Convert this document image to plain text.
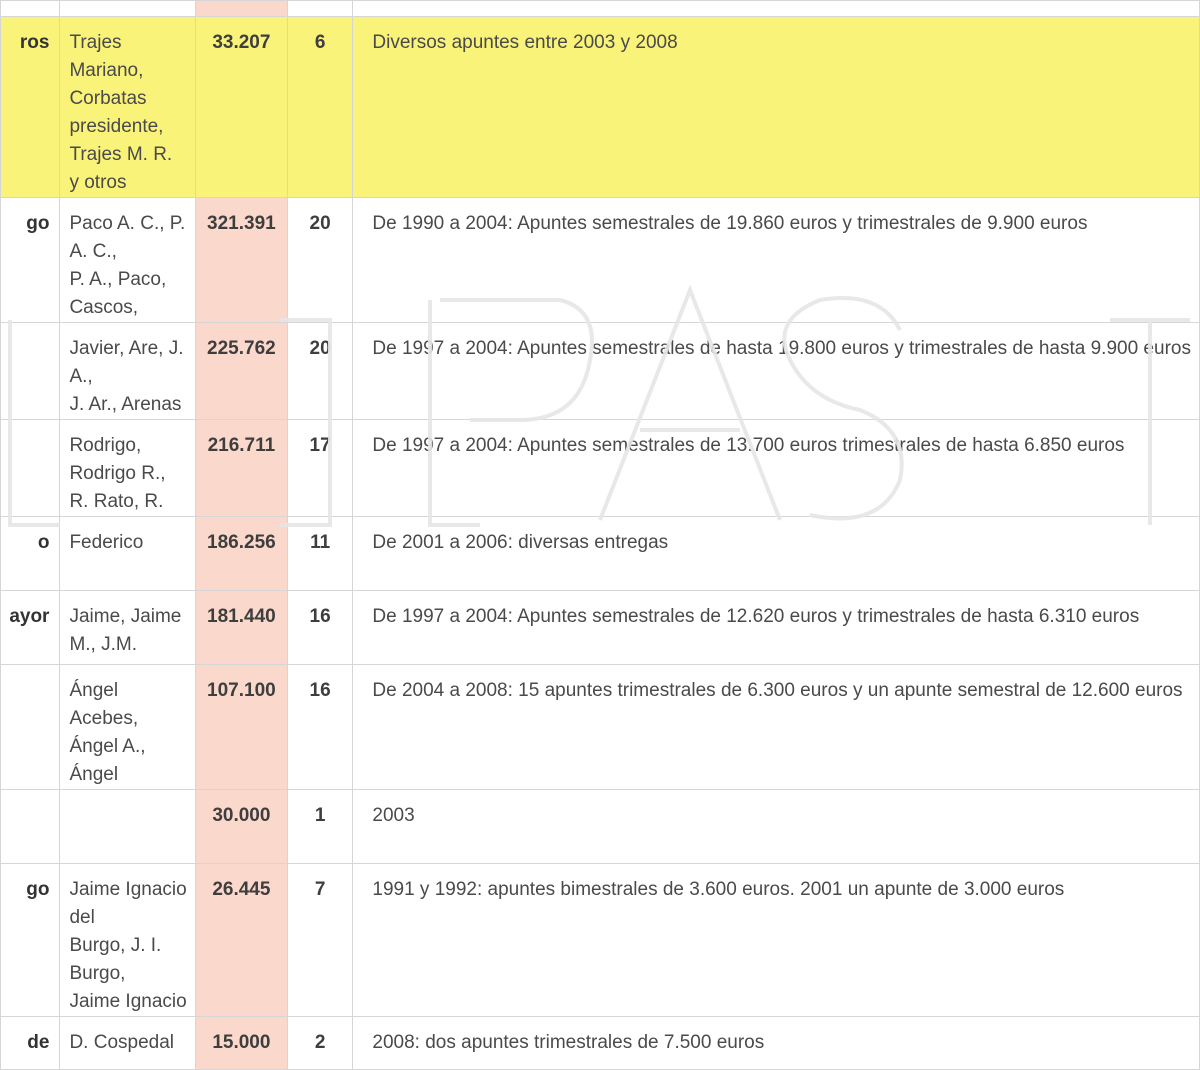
ros	Trajes Mariano,
Corbatas presidente,
Trajes M. R. y otros	33.207	6	Diversos apuntes entre 2003 y 2008
go	Paco A. C., P. A. C.,
P. A., Paco, Cascos,	321.391	20	De 1990 a 2004: Apuntes semestrales de 19.860 euros y trimestrales de 9.900 euros
	Javier, Are, J. A.,
J. Ar., Arenas	225.762	20	De 1997 a 2004: Apuntes semestrales de hasta 19.800 euros y trimestrales de hasta 9.900 euros
	Rodrigo, Rodrigo R.,
R. Rato, R.	216.711	17	De 1997 a 2004: Apuntes semestrales de 13.700 euros trimestrales de hasta 6.850 euros
o	Federico	186.256	11	De 2001 a 2006: diversas entregas
ayor	Jaime, Jaime M., J.M.	181.440	16	De 1997 a 2004: Apuntes semestrales de 12.620 euros y trimestrales de hasta 6.310 euros
	Ángel Acebes,
Ángel A., Ángel	107.100	16	De 2004 a 2008: 15 apuntes trimestrales de 6.300 euros y un apunte semestral de 12.600 euros
		30.000	1	2003
go	Jaime Ignacio del
Burgo, J. I. Burgo,
Jaime Ignacio	26.445	7	1991 y 1992: apuntes bimestrales de 3.600 euros. 2001 un apunte de 3.000 euros
de	D. Cospedal	15.000	2	2008: dos apuntes trimestrales de 7.500 euros
EL PAÍS
